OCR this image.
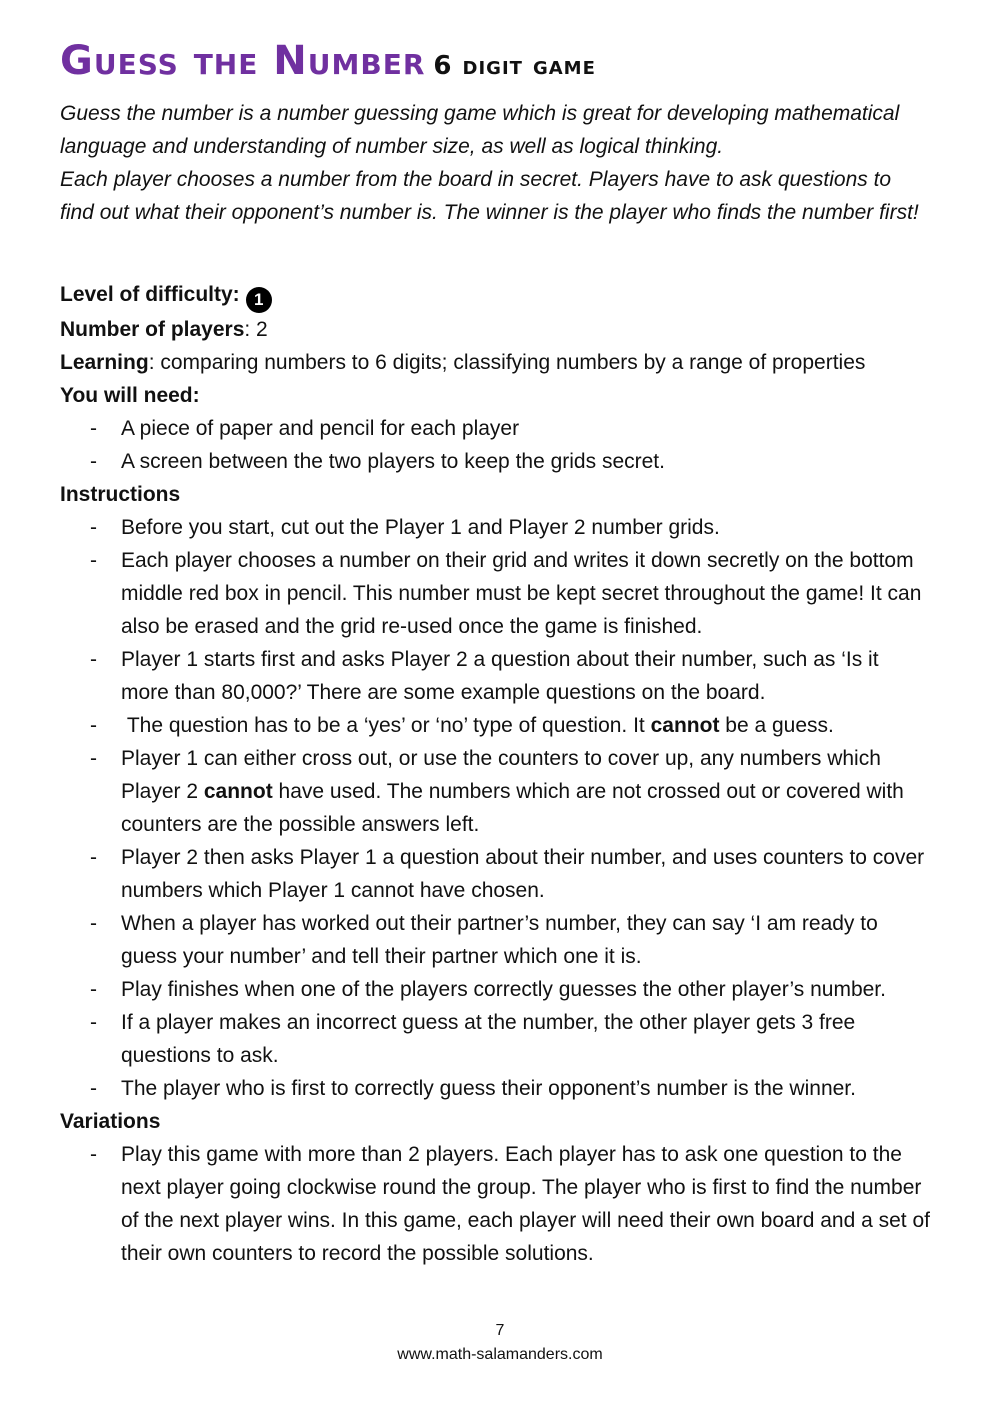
Guess the Number 6 digit game

Guess the number is a number guessing game which is great for developing mathematical language and understanding of number size, as well as logical thinking.

Each player chooses a number from the board in secret. Players have to ask questions to find out what their opponent’s number is. The winner is the player who finds the number first!

Level of difficulty: 1

Number of players: 2

Learning: comparing numbers to 6 digits; classifying numbers by a range of properties

You will need:

- A piece of paper and pencil for each player
- A screen between the two players to keep the grids secret.

Instructions

- Before you start, cut out the Player 1 and Player 2 number grids.
- Each player chooses a number on their grid and writes it down secretly on the bottom middle red box in pencil. This number must be kept secret throughout the game! It can also be erased and the grid re-used once the game is finished.
- Player 1 starts first and asks Player 2 a question about their number, such as ‘Is it more than 80,000?’ There are some example questions on the board.
-  The question has to be a ‘yes’ or ‘no’ type of question. It cannot be a guess.
- Player 1 can either cross out, or use the counters to cover up, any numbers which Player 2 cannot have used. The numbers which are not crossed out or covered with counters are the possible answers left.
- Player 2 then asks Player 1 a question about their number, and uses counters to cover numbers which Player 1 cannot have chosen.
- When a player has worked out their partner’s number, they can say ‘I am ready to guess your number’ and tell their partner which one it is.
- Play finishes when one of the players correctly guesses the other player’s number.
- If a player makes an incorrect guess at the number, the other player gets 3 free questions to ask.
- The player who is first to correctly guess their opponent’s number is the winner.

Variations

- Play this game with more than 2 players. Each player has to ask one question to the next player going clockwise round the group. The player who is first to find the number of the next player wins. In this game, each player will need their own board and a set of their own counters to record the possible solutions.
7
www.math-salamanders.com
